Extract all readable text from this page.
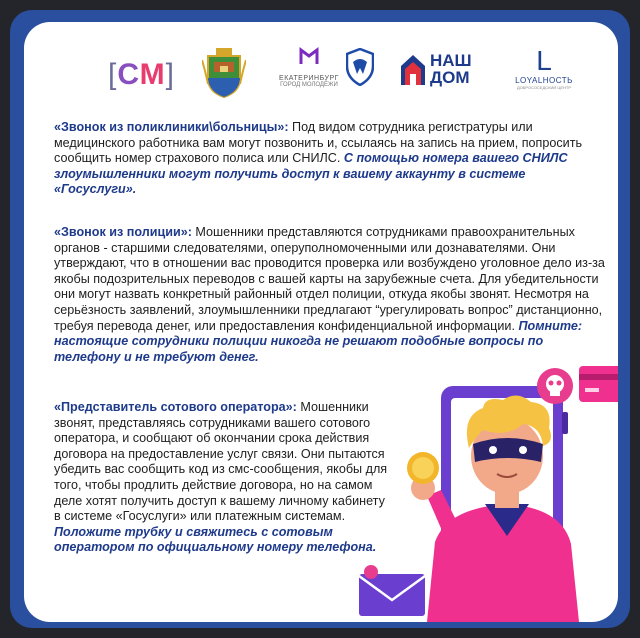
[СМ]	ЕКАТЕРИНБУРГ
ГОРОД МОЛОДЁЖИ
НАШ
ДОМ
L
LOYALНОСТЬ
ДОБРОСОСЕДСКИЙ ЦЕНТР
«Звонок из поликлиники\больницы»: Под видом сотрудника регистратуры или медицинского работника вам могут позвонить и, ссылаясь на запись на прием, попросить сообщить номер страхового полиса или СНИЛС. С помощью номера вашего СНИЛС злоумышленники могут получить доступ к вашему аккаунту в системе «Госуслуги».
«Звонок из полиции»: Мошенники представляются сотрудниками правоохранительных органов - старшими следователями, оперуполномоченными или дознавателями. Они утверждают, что в отношении вас проводится проверка или возбуждено уголовное дело из-за якобы подозрительных переводов с вашей карты на зарубежные счета. Для убедительности они могут назвать конкретный районный отдел полиции, откуда якобы звонят. Несмотря на серьёзность заявлений, злоумышленники предлагают “урегулировать вопрос” дистанционно, требуя перевода денег, или предоставления конфиденциальной информации. Помните: настоящие сотрудники полиции никогда не решают подобные вопросы по телефону и не требуют денег.
«Представитель сотового оператора»: Мошенники звонят, представляясь сотрудниками вашего сотового оператора, и сообщают об окончании срока действия договора на предоставление услуг связи. Они пытаются убедить вас сообщить код из смс-сообщения, якобы для того, чтобы продлить действие договора, но на самом деле хотят получить доступ к вашему личному кабинету в системе «Госуслуги» или платежным системам. Положите трубку и свяжитесь с сотовым оператором по официальному номеру телефона.
